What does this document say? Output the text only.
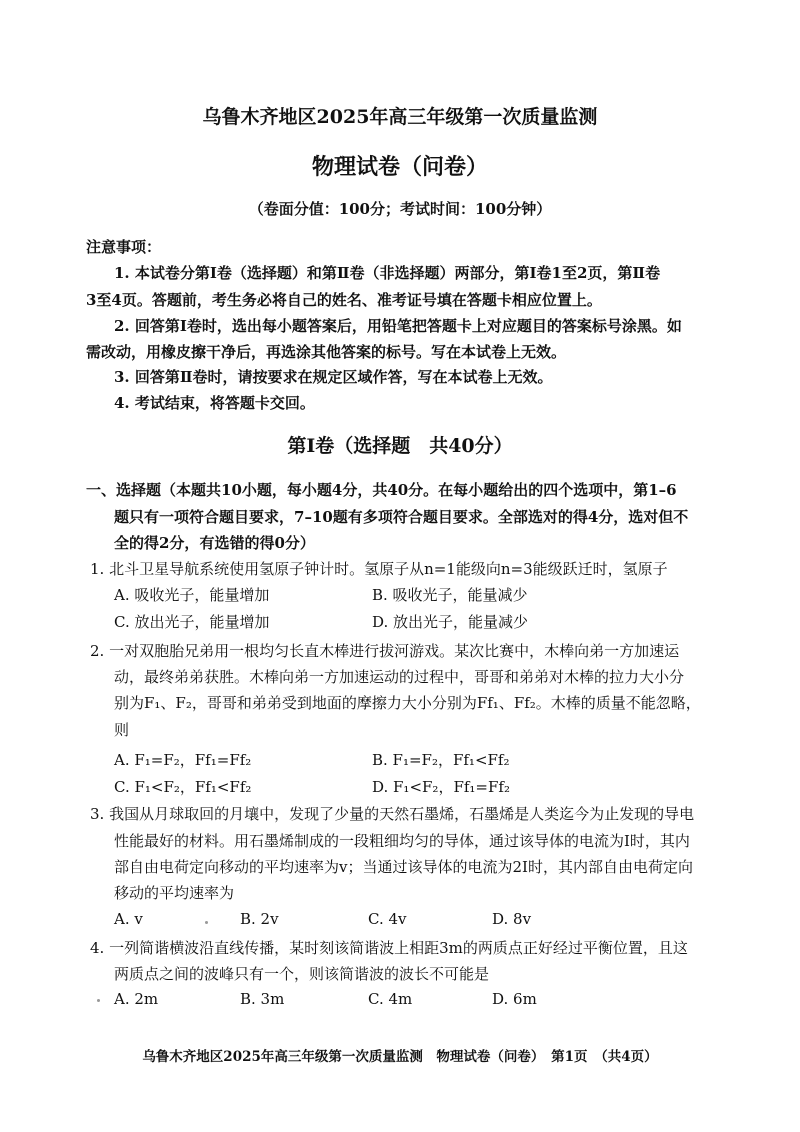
乌鲁木齐地区2025年高三年级第一次质量监测
物理试卷（问卷）
（卷面分值：100分；考试时间：100分钟）
注意事项：
1. 本试卷分第Ⅰ卷（选择题）和第Ⅱ卷（非选择题）两部分，第Ⅰ卷1至2页，第Ⅱ卷
3至4页。答题前，考生务必将自己的姓名、准考证号填在答题卡相应位置上。
2. 回答第Ⅰ卷时，选出每小题答案后，用铅笔把答题卡上对应题目的答案标号涂黑。如
需改动，用橡皮擦干净后，再选涂其他答案的标号。写在本试卷上无效。
3. 回答第Ⅱ卷时，请按要求在规定区域作答，写在本试卷上无效。
4. 考试结束，将答题卡交回。
第Ⅰ卷（选择题　共40分）
一、选择题（本题共10小题，每小题4分，共40分。在每小题给出的四个选项中，第1–6
题只有一项符合题目要求，7–10题有多项符合题目要求。全部选对的得4分，选对但不
全的得2分，有选错的得0分）
1. 北斗卫星导航系统使用氢原子钟计时。氢原子从n=1能级向n=3能级跃迁时，氢原子
A. 吸收光子，能量增加	B. 吸收光子，能量减少
C. 放出光子，能量增加	D. 放出光子，能量减少
2. 一对双胞胎兄弟用一根均匀长直木棒进行拔河游戏。某次比赛中，木棒向弟一方加速运
动，最终弟弟获胜。木棒向弟一方加速运动的过程中，哥哥和弟弟对木棒的拉力大小分
别为F₁、F₂，哥哥和弟弟受到地面的摩擦力大小分别为Ff₁、Ff₂。木棒的质量不能忽略，
则
A. F₁=F₂，Ff₁=Ff₂	B. F₁=F₂，Ff₁<Ff₂
C. F₁<F₂，Ff₁<Ff₂	D. F₁<F₂，Ff₁=Ff₂
3. 我国从月球取回的月壤中，发现了少量的天然石墨烯，石墨烯是人类迄今为止发现的导电
性能最好的材料。用石墨烯制成的一段粗细均匀的导体，通过该导体的电流为I时，其内
部自由电荷定向移动的平均速率为v；当通过该导体的电流为2I时，其内部自由电荷定向
移动的平均速率为
A. v	B. 2v	C. 4v	D. 8v
4. 一列简谐横波沿直线传播，某时刻该简谐波上相距3m的两质点正好经过平衡位置，且这
两质点之间的波峰只有一个，则该简谐波的波长不可能是
A. 2m	B. 3m	C. 4m	D. 6m
乌鲁木齐地区2025年高三年级第一次质量监测　物理试卷（问卷）　第1页　（共4页）
